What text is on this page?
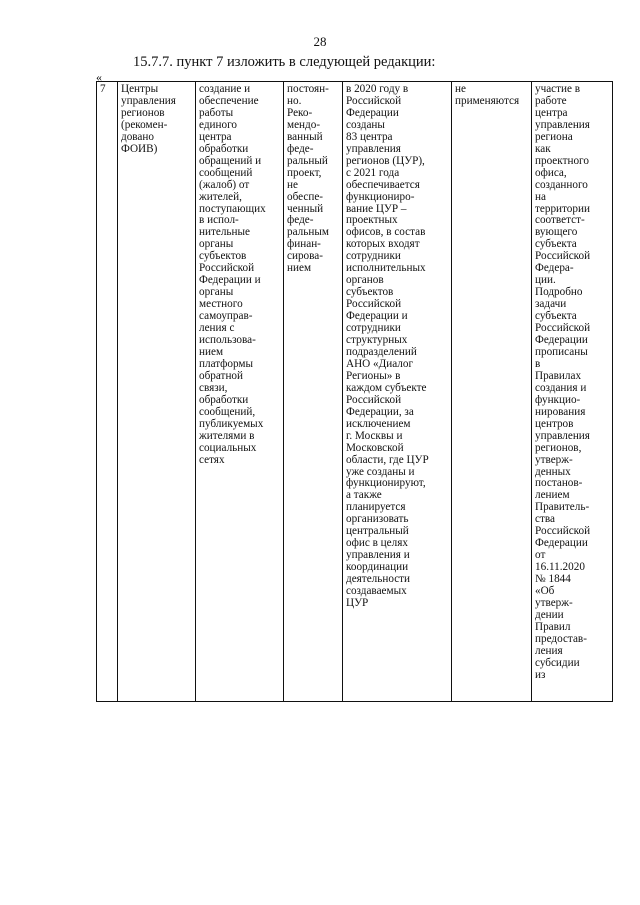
28
15.7.7. пункт 7 изложить в следующей редакции:
«
7	Центры
управления
регионов
(рекомен-
довано
ФОИВ)	создание и
обеспечение
работы
единого
центра
обработки
обращений и
сообщений
(жалоб) от
жителей,
поступающих
в испол-
нительные
органы
субъектов
Российской
Федерации и
органы
местного
самоуправ-
ления с
использова-
нием
платформы
обратной
связи,
обработки
сообщений,
публикуемых
жителями в
социальных
сетях	постоян-
но.
Реко-
мендо-
ванный
феде-
ральный
проект,
не
обеспе-
ченный
феде-
ральным
финан-
сирова-
нием	в 2020 году в
Российской
Федерации
созданы
83 центра
управления
регионов (ЦУР),
с 2021 года
обеспечивается
функциониро-
вание ЦУР –
проектных
офисов, в состав
которых входят
сотрудники
исполнительных
органов
субъектов
Российской
Федерации и
сотрудники
структурных
подразделений
АНО «Диалог
Регионы» в
каждом субъекте
Российской
Федерации, за
исключением
г. Москвы и
Московской
области, где ЦУР
уже созданы и
функционируют,
а также
планируется
организовать
центральный
офис в целях
управления и
координации
деятельности
создаваемых
ЦУР	не
применяются	участие в
работе
центра
управления
региона
как
проектного
офиса,
созданного
на
территории
соответст-
вующего
субъекта
Российской
Федера-
ции.
Подробно
задачи
субъекта
Российской
Федерации
прописаны
в
Правилах
создания и
функцио-
нирования
центров
управления
регионов,
утверж-
денных
постанов-
лением
Правитель-
ства
Российской
Федерации
от
16.11.2020
№ 1844
«Об
утверж-
дении
Правил
предостав-
ления
субсидии
из
